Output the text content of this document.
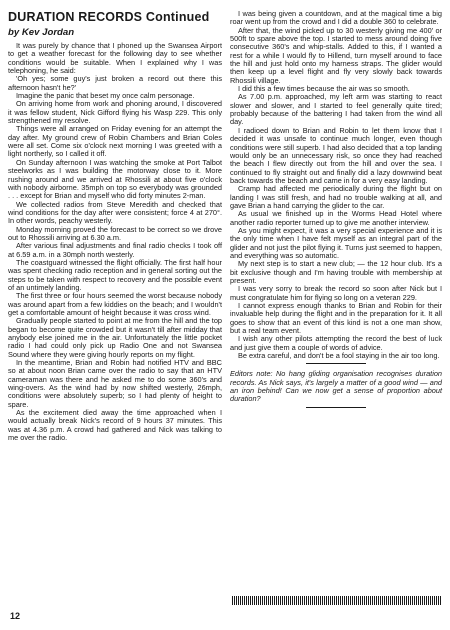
DURATION RECORDS Continued
by Kev Jordan

It was purely by chance that I phoned up the Swansea Airport to get a weather forecast for the following day to see whether conditions would be suitable. When I explained why I was telephoning, he said:

'Oh yes; some guy's just broken a record out there this afternoon hasn't he?'

Imagine the panic that beset my once calm personage.

On arriving home from work and phoning around, I discovered it was fellow student, Nick Gifford flying his Wasp 229. This only strengthened my resolve.

Things were all arranged on Friday evening for an attempt the day after. My ground crew of Robin Chambers and Brian Coles were all set. Come six o'clock next morning I was greeted with a light northerly, so I called it off.

On Sunday afternoon I was watching the smoke at Port Talbot steelworks as I was building the motorway close to it. More rushing around and we arrived at Rhossili at about five o'clock with nobody airborne. 35mph on top so everybody was grounded . . . except for Brian and myself who did forty minutes 2-man.

We collected radios from Steve Meredith and checked that wind conditions for the day after were consistent; force 4 at 270°. In other words, peachy westerly.

Monday morning proved the forecast to be correct so we drove out to Rhossili arriving at 6.30 a.m.

After various final adjustments and final radio checks I took off at 6.59 a.m. in a 30mph north westerly.

The coastguard witnessed the flight officially. The first half hour was spent checking radio reception and in general sorting out the steps to be taken with respect to recovery and the possible event of an untimely landing.

The first three or four hours seemed the worst because nobody was around apart from a few kiddies on the beach; and I wouldn't get a comfortable amount of height because it was cross wind.

Gradually people started to point at me from the hill and the top began to become quite crowded but it wasn't till after midday that anybody else joined me in the air. Unfortunately the little pocket radio I had could only pick up Radio One and not Swansea Sound where they were giving hourly reports on my flight.

In the meantime, Brian and Robin had notified HTV and BBC so at about noon Brian came over the radio to say that an HTV cameraman was there and he asked me to do some 360's and wing-overs. As the wind had by now shifted westerly, 26mph, conditions were absolutely superb; so I had plenty of height to spare.

As the excitement died away the time approached when I would actually break Nick's record of 9 hours 37 minutes. This was at 4.36 p.m. A crowd had gathered and Nick was talking to me over the radio.

I was being given a countdown, and at the magical time a big roar went up from the crowd and I did a double 360 to celebrate.

After that, the wind picked up to 30 westerly giving me 400' or 500ft to spare above the top. I started to mess around doing five consecutive 360's and whip-stalls. Added to this, if I wanted a rest for a while I would fly to Hillend, turn myself around to face the hill and just hold onto my harness straps. The glider would then keep up a level flight and fly very slowly back towards Rhossili village.

I did this a few times because the air was so smooth.

As 7.00 p.m. approached, my left arm was starting to react slower and slower, and I started to feel generally quite tired; probably because of the battering I had taken from the wind all day.

I radioed down to Brian and Robin to let them know that I decided it was unsafe to continue much longer, even though conditions were still superb. I had also decided that a top landing would only be an unnecessary risk, so once they had reached the beach I flew directly out from the hill and over the sea. I continued to fly straight out and finally did a lazy downwind beat back towards the beach and came in for a very easy landing.

Cramp had affected me periodically during the flight but on landing I was still fresh, and had no trouble walking at all, and gave Brian a hand carrying the glider to the car.

As usual we finished up in the Worms Head Hotel where another radio reporter turned up to give me another interview.

As you might expect, it was a very special experience and it is the only time when I have felt myself as an integral part of the glider and not just the pilot flying it. Turns just seemed to happen, and everything was so automatic.

My next step is to start a new club; — the 12 hour club. It's a bit exclusive though and I'm having trouble with membership at present.

I was very sorry to break the record so soon after Nick but I must congratulate him for flying so long on a veteran 229.

I cannot express enough thanks to Brian and Robin for their invaluable help during the flight and in the preparation for it. It all goes to show that an event of this kind is not a one man show, but a real team event.

I wish any other pilots attempting the record the best of luck and just give them a couple of words of advice.

Be extra careful, and don't be a fool staying in the air too long.

Editors note: No hang gliding organisation recognises duration records. As Nick says, it's largely a matter of a good wind — and an iron behind! Can we now get a sense of proportion about duration?

12
